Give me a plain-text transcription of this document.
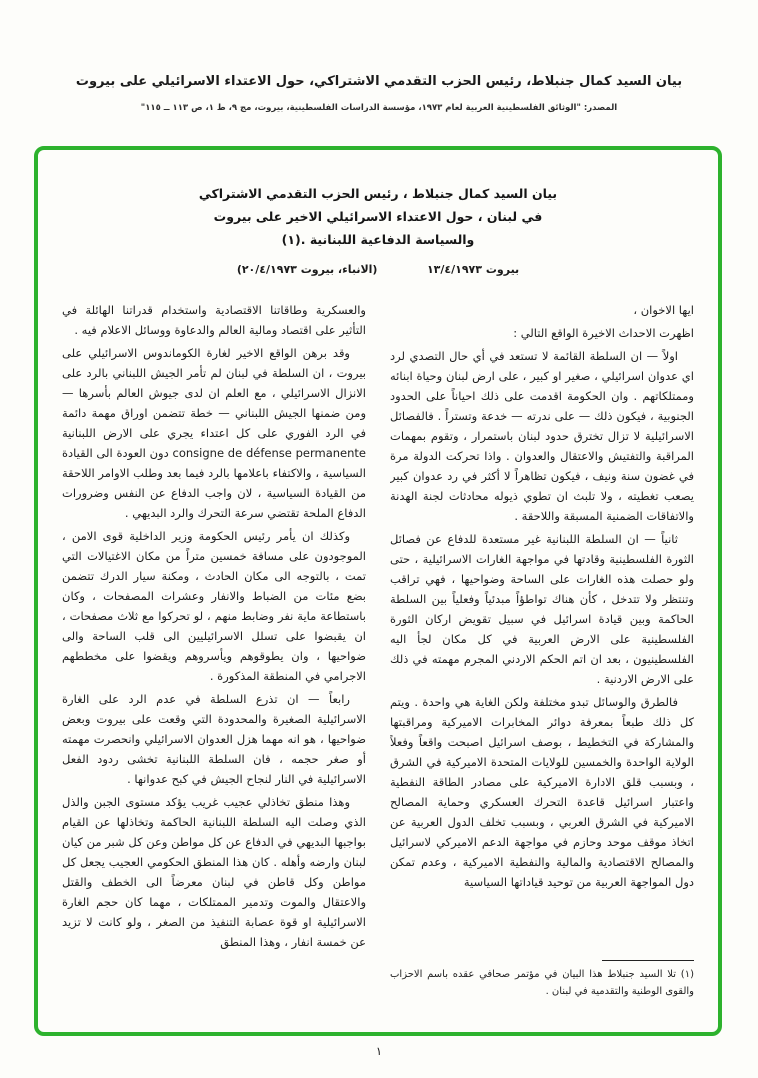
بيان السيد كمال جنبلاط، رئيس الحزب التقدمي الاشتراكي، حول الاعتداء الاسرائيلي على بيروت
المصدر: "الوثائق الفلسطينية العربية لعام ١٩٧٣، مؤسسة الدراسات الفلسطينية، بيروت، مج ٩، ط ١، ص ١١٣ ــ ١١٥"
بيان السيد كمال جنبلاط ، رئيس الحزب التقدمي الاشتراكي
في لبنان ، حول الاعتداء الاسرائيلي الاخير على بيروت
والسياسة الدفاعية اللبنانية .(١)
بيروت ١٣/٤/١٩٧٣ (الانباء، بيروت ٢٠/٤/١٩٧٣)

ايها الاخوان ،

اظهرت الاحداث الاخيرة الواقع التالي :

اولاً — ان السلطة القائمة لا تستعد في أي حال التصدي لرد اي عدوان اسرائيلي ، صغير او كبير ، على ارض لبنان وحياة ابنائه وممتلكاتهم . وان الحكومة اقدمت على ذلك احياناً على الحدود الجنوبية ، فيكون ذلك — على ندرته — خدعة وتستراً . فالفصائل الاسرائيلية لا تزال تخترق حدود لبنان باستمرار ، وتقوم بمهمات المراقبة والتفتيش والاعتقال والعدوان . واذا تحركت الدولة مرة في غضون سنة ونيف ، فيكون تظاهراً لا أكثر في رد عدوان كبير يصعب تغطيته ، ولا تلبث ان تطوي ذيوله محادثات لجنة الهدنة والاتفاقات الضمنية المسبقة واللاحقة .

ثانياً — ان السلطة اللبنانية غير مستعدة للدفاع عن فصائل الثورة الفلسطينية وقادتها في مواجهة الغارات الاسرائيلية ، حتى ولو حصلت هذه الغارات على الساحة وضواحيها ، فهي تراقب وتنتظر ولا تتدخل ، كأن هناك تواطؤاً مبدئياً وفعلياً بين السلطة الحاكمة وبين قيادة اسرائيل في سبيل تقويض اركان الثورة الفلسطينية على الارض العربية في كل مكان لجأ اليه الفلسطينيون ، بعد ان اتم الحكم الاردني المجرم مهمته في ذلك على الارض الاردنية .

فالطرق والوسائل تبدو مختلفة ولكن الغاية هي واحدة . ويتم كل ذلك طبعاً بمعرفة دوائر المخابرات الاميركية ومراقبتها والمشاركة في التخطيط ، بوصف اسرائيل اصبحت واقعاً وفعلاً الولاية الواحدة والخمسين للولايات المتحدة الاميركية في الشرق ، وبسبب قلق الادارة الاميركية على مصادر الطاقة النفطية واعتبار اسرائيل قاعدة التحرك العسكري وحماية المصالح الاميركية في الشرق العربي ، وبسبب تخلف الدول العربية عن اتخاذ موقف موحد وحازم في مواجهة الدعم الاميركي لاسرائيل والمصالح الاقتصادية والمالية والنفطية الاميركية ، وعدم تمكن دول المواجهة العربية من توحيد قياداتها السياسية

(١) تلا السيد جنبلاط هذا البيان في مؤتمر صحافي عقده باسم الاحزاب والقوى الوطنية والتقدمية في لبنان .

والعسكرية وطاقاتنا الاقتصادية واستخدام قدراتنا الهائلة في التأثير على اقتصاد ومالية العالم والدعاوة ووسائل الاعلام فيه .

وقد برهن الواقع الاخير لغارة الكوماندوس الاسرائيلي على بيروت ، ان السلطة في لبنان لم تأمر الجيش اللبناني بالرد على الانزال الاسرائيلي ، مع العلم ان لدى جيوش العالم بأسرها — ومن ضمنها الجيش اللبناني — خطة تتضمن اوراق مهمة دائمة في الرد الفوري على كل اعتداء يجري على الارض اللبنانية consigne de défense permanente دون العودة الى القيادة السياسية ، والاكتفاء باعلامها بالرد فيما بعد وطلب الاوامر اللاحقة من القيادة السياسية ، لان واجب الدفاع عن النفس وضرورات الدفاع الملحة تقتضي سرعة التحرك والرد البديهي .

وكذلك ان يأمر رئيس الحكومة وزير الداخلية قوى الامن ، الموجودون على مسافة خمسين متراً من مكان الاغتيالات التي تمت ، بالتوجه الى مكان الحادث ، ومكنة سيار الدرك تتضمن بضع مئات من الضباط والانفار وعشرات المصفحات ، وكان باستطاعة ماية نفر وضابط منهم ، لو تحركوا مع ثلاث مصفحات ، ان يقبضوا على تسلل الاسرائيليين الى قلب الساحة والى ضواحيها ، وان يطوقوهم ويأسروهم ويقضوا على مخططهم الاجرامي في المنطقة المذكورة .

رابعاً — ان تذرع السلطة في عدم الرد على الغارة الاسرائيلية الصغيرة والمحدودة التي وقعت على بيروت وبعض ضواحيها ، هو انه مهما هزل العدوان الاسرائيلي وانحصرت مهمته أو صغر حجمه ، فان السلطة اللبنانية تخشى ردود الفعل الاسرائيلية في النار لنجاح الجيش في كبح عدوانها .

وهذا منطق تخاذلي عجيب غريب يؤكد مستوى الجبن والذل الذي وصلت اليه السلطة اللبنانية الحاكمة وتخاذلها عن القيام بواجبها البديهي في الدفاع عن كل مواطن وعن كل شبر من كيان لبنان وارضه وأهله . كان هذا المنطق الحكومي العجيب يجعل كل مواطن وكل قاطن في لبنان معرضاً الى الخطف والقتل والاعتقال والموت وتدمير الممتلكات ، مهما كان حجم الغارة الاسرائيلية او قوة عصابة التنفيذ من الصغر ، ولو كانت لا تزيد عن خمسة انفار ، وهذا المنطق

١
